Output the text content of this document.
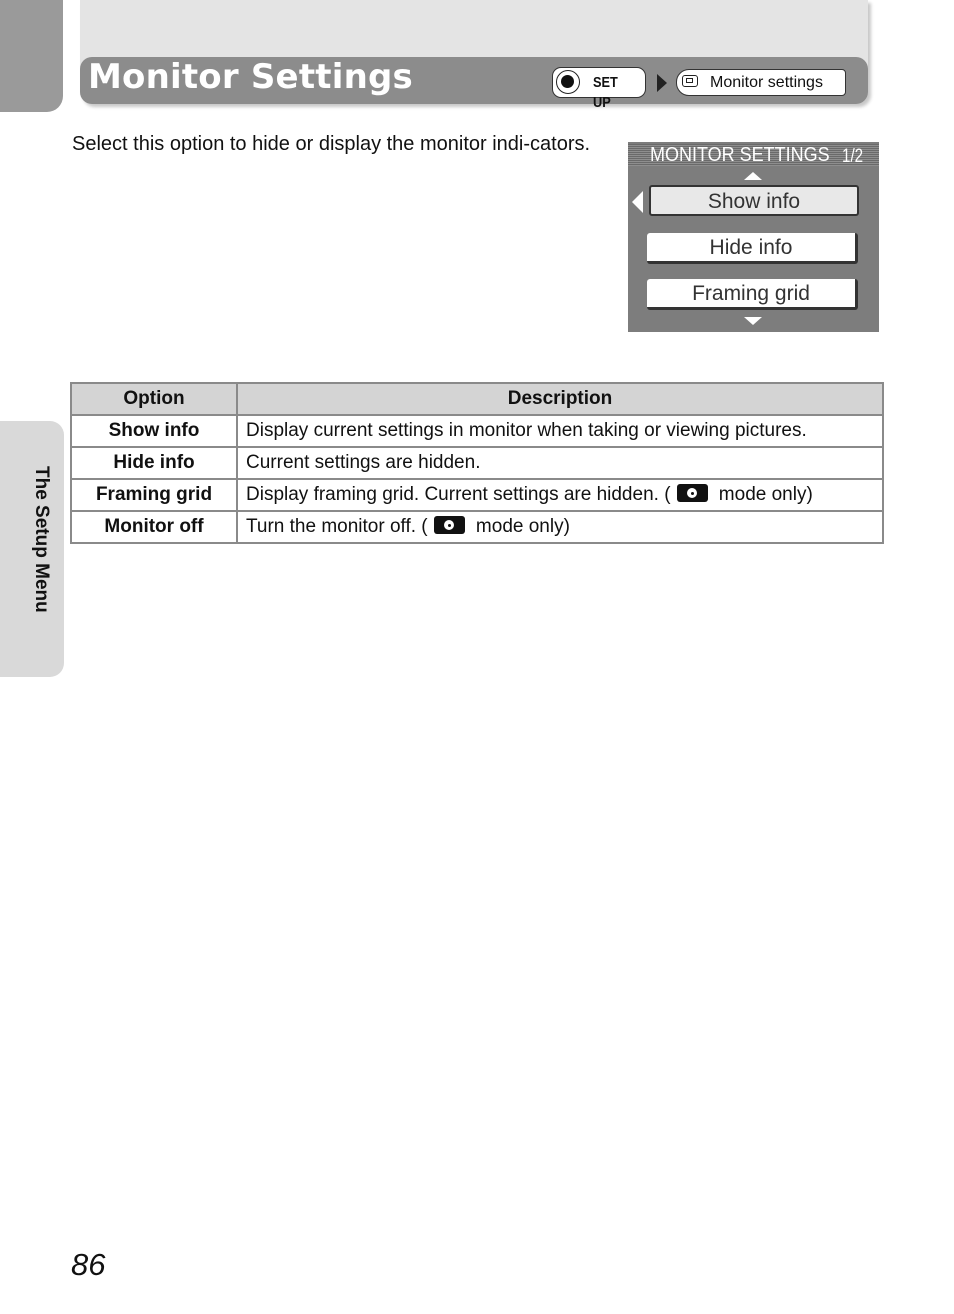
Monitor Settings	SET UP
Monitor settings
Select this option to hide or display the monitor indi-cators.	MONITOR SETTINGS 1/2
Show info
Hide info
Framing grid
Option	Description
Show info	Display current settings in monitor when taking or viewing pictures.
Hide info	Current settings are hidden.
Framing grid	Display framing grid. Current settings are hidden. ( mode only)
Monitor off	Turn the monitor off. ( mode only)
The Setup Menu
86
